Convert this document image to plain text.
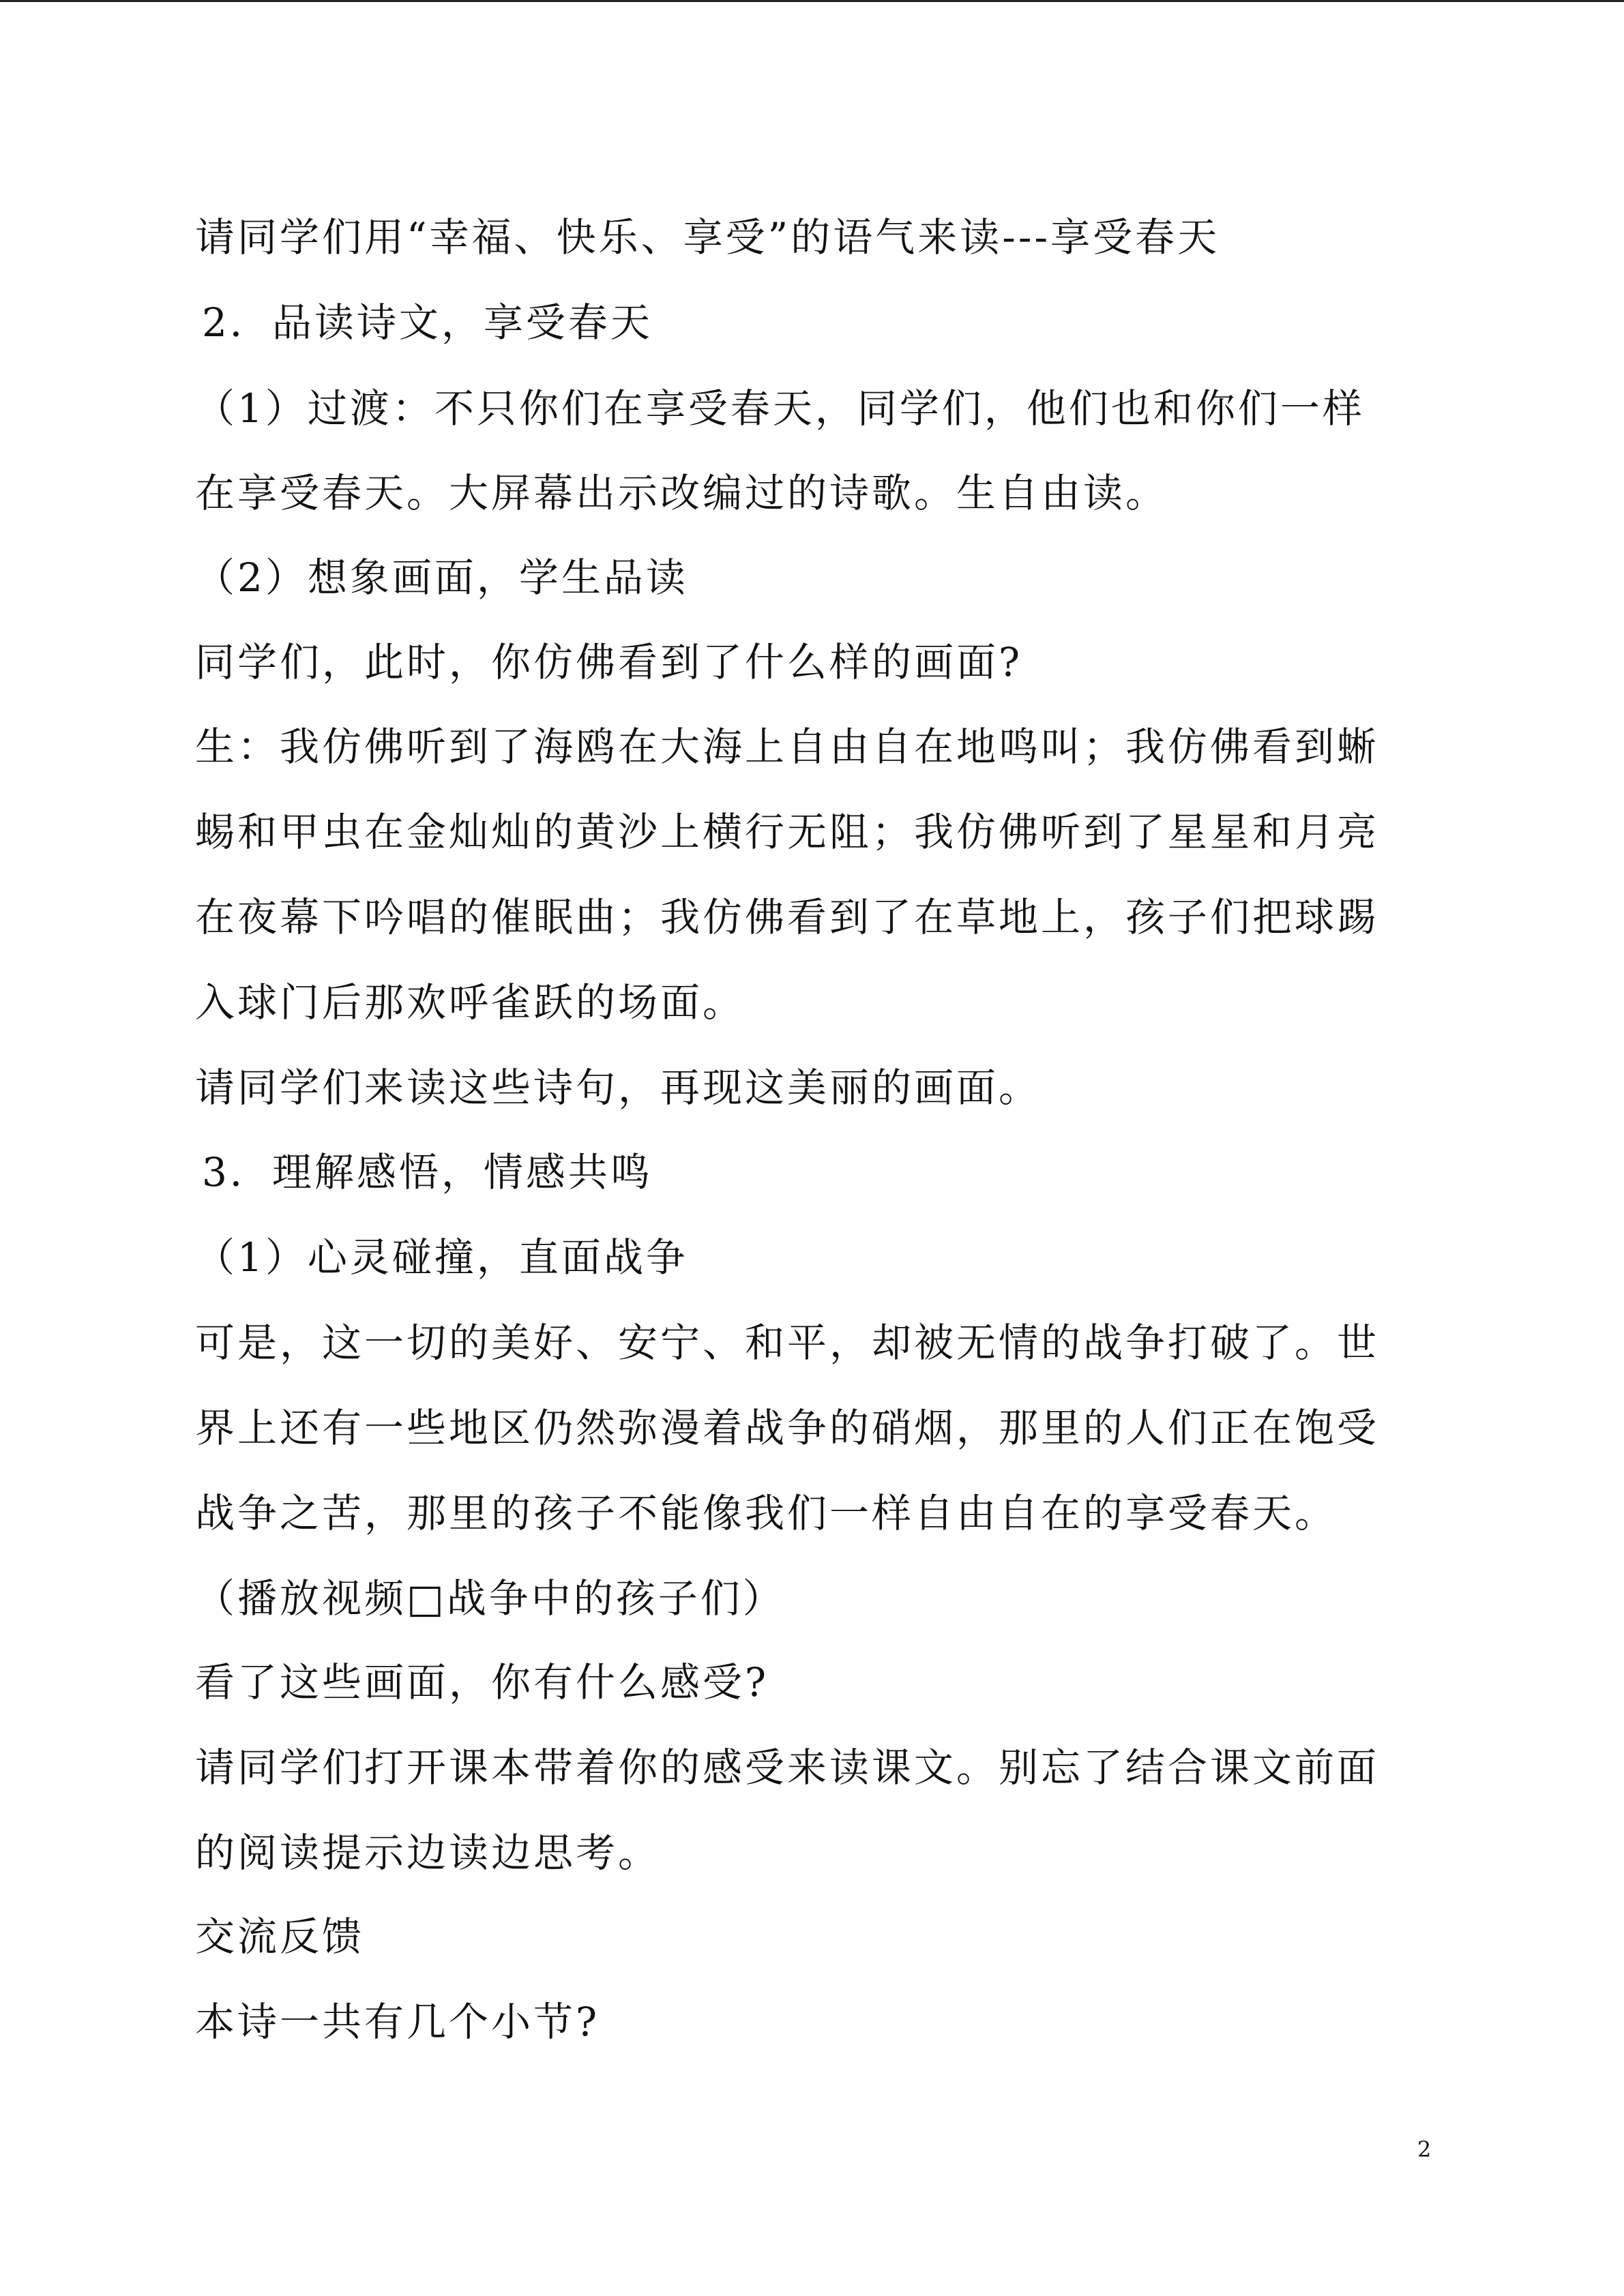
请同学们用“幸福、快乐、享受”的语气来读---享受春天
2．品读诗文，享受春天
（1）过渡：不只你们在享受春天，同学们，他们也和你们一样
在享受春天。大屏幕出示改编过的诗歌。生自由读。
（2）想象画面，学生品读
同学们，此时，你仿佛看到了什么样的画面?
生：我仿佛听到了海鸥在大海上自由自在地鸣叫；我仿佛看到蜥
蜴和甲虫在金灿灿的黄沙上横行无阻；我仿佛听到了星星和月亮
在夜幕下吟唱的催眠曲；我仿佛看到了在草地上，孩子们把球踢
入球门后那欢呼雀跃的场面。
请同学们来读这些诗句，再现这美丽的画面。
3．理解感悟，情感共鸣
（1）心灵碰撞，直面战争
可是，这一切的美好、安宁、和平，却被无情的战争打破了。世
界上还有一些地区仍然弥漫着战争的硝烟，那里的人们正在饱受
战争之苦，那里的孩子不能像我们一样自由自在的享受春天。
（播放视频□战争中的孩子们）
看了这些画面，你有什么感受?
请同学们打开课本带着你的感受来读课文。别忘了结合课文前面
的阅读提示边读边思考。
交流反馈
本诗一共有几个小节?
2
